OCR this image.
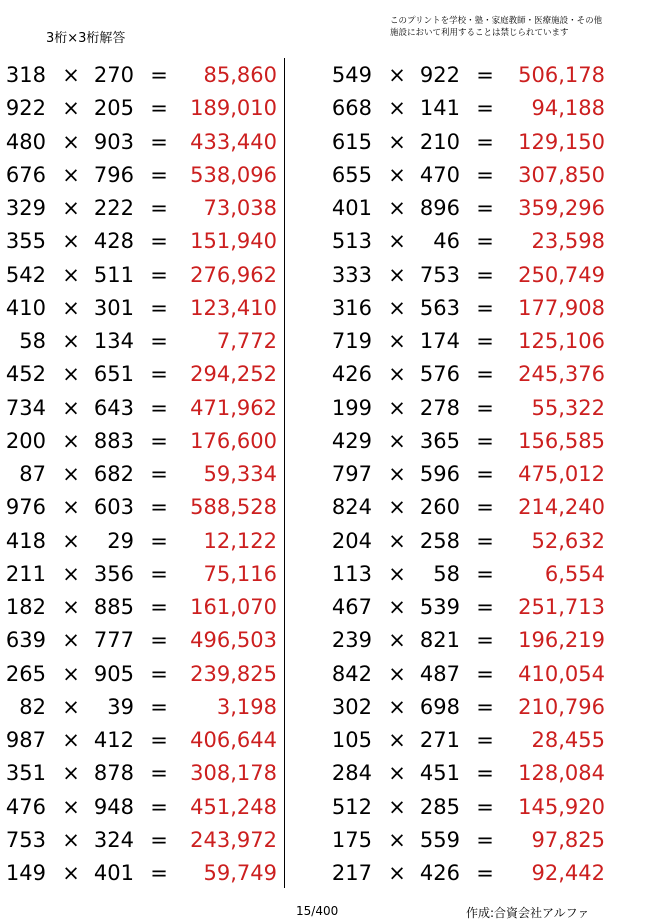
3桁×3桁解答
このプリントを学校・塾・家庭教師・医療施設・その他
施設において利用することは禁じられています
318 × 270 =	85,860
922 × 205 =	189,010
480 × 903 =	433,440
676 × 796 =	538,096
329 × 222 =	73,038
355 × 428 =	151,940
542 × 511 =	276,962
410 × 301 =	123,410
58 × 134 =	7,772
452 × 651 =	294,252
734 × 643 =	471,962
200 × 883 =	176,600
87 × 682 =	59,334
976 × 603 =	588,528
418 ×	29 =	12,122
211 × 356 =	75,116
182 × 885 =	161,070
639 × 777 =	496,503
265 × 905 =	239,825
82 ×	39 =	3,198
987 × 412 =	406,644
351 × 878 =	308,178
476 × 948 =	451,248
753 × 324 =	243,972
149 × 401 =	59,749
549 × 922 =	506,178
668 × 141 =	94,188
615 × 210 =	129,150
655 × 470 =	307,850
401 × 896 =	359,296
513 ×	46 =	23,598
333 × 753 =	250,749
316 × 563 =	177,908
719 × 174 =	125,106
426 × 576 =	245,376
199 × 278 =	55,322
429 × 365 =	156,585
797 × 596 =	475,012
824 × 260 =	214,240
204 × 258 =	52,632
113 ×	58 =	6,554
467 × 539 =	251,713
239 × 821 =	196,219
842 × 487 =	410,054
302 × 698 =	210,796
105 × 271 =	28,455
284 × 451 =	128,084
512 × 285 =	145,920
175 × 559 =	97,825
217 × 426 =	92,442
15/400	作成:合資会社アルファ
